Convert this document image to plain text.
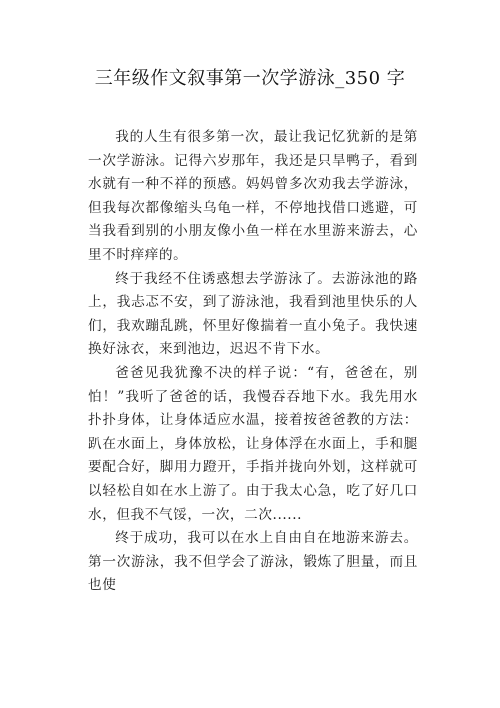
三年级作文叙事第一次学游泳_350 字

我的人生有很多第一次，最让我记忆犹新的是第一次学游泳。记得六岁那年，我还是只旱鸭子，看到水就有一种不祥的预感。妈妈曾多次劝我去学游泳，但我每次都像缩头乌龟一样，不停地找借口逃避，可当我看到别的小朋友像小鱼一样在水里游来游去，心里不时痒痒的。

终于我经不住诱惑想去学游泳了。去游泳池的路上，我忐忑不安，到了游泳池，我看到池里快乐的人们，我欢蹦乱跳，怀里好像揣着一直小兔子。我快速换好泳衣，来到池边，迟迟不肯下水。

爸爸见我犹豫不决的样子说：“有，爸爸在，别怕！”我听了爸爸的话，我慢吞吞地下水。我先用水扑扑身体，让身体适应水温，接着按爸爸教的方法：趴在水面上，身体放松，让身体浮在水面上，手和腿要配合好，脚用力蹬开，手指并拢向外划，这样就可以轻松自如在水上游了。由于我太心急，吃了好几口水，但我不气馁，一次，二次......

终于成功，我可以在水上自由自在地游来游去。第一次游泳，我不但学会了游泳，锻炼了胆量，而且也使
